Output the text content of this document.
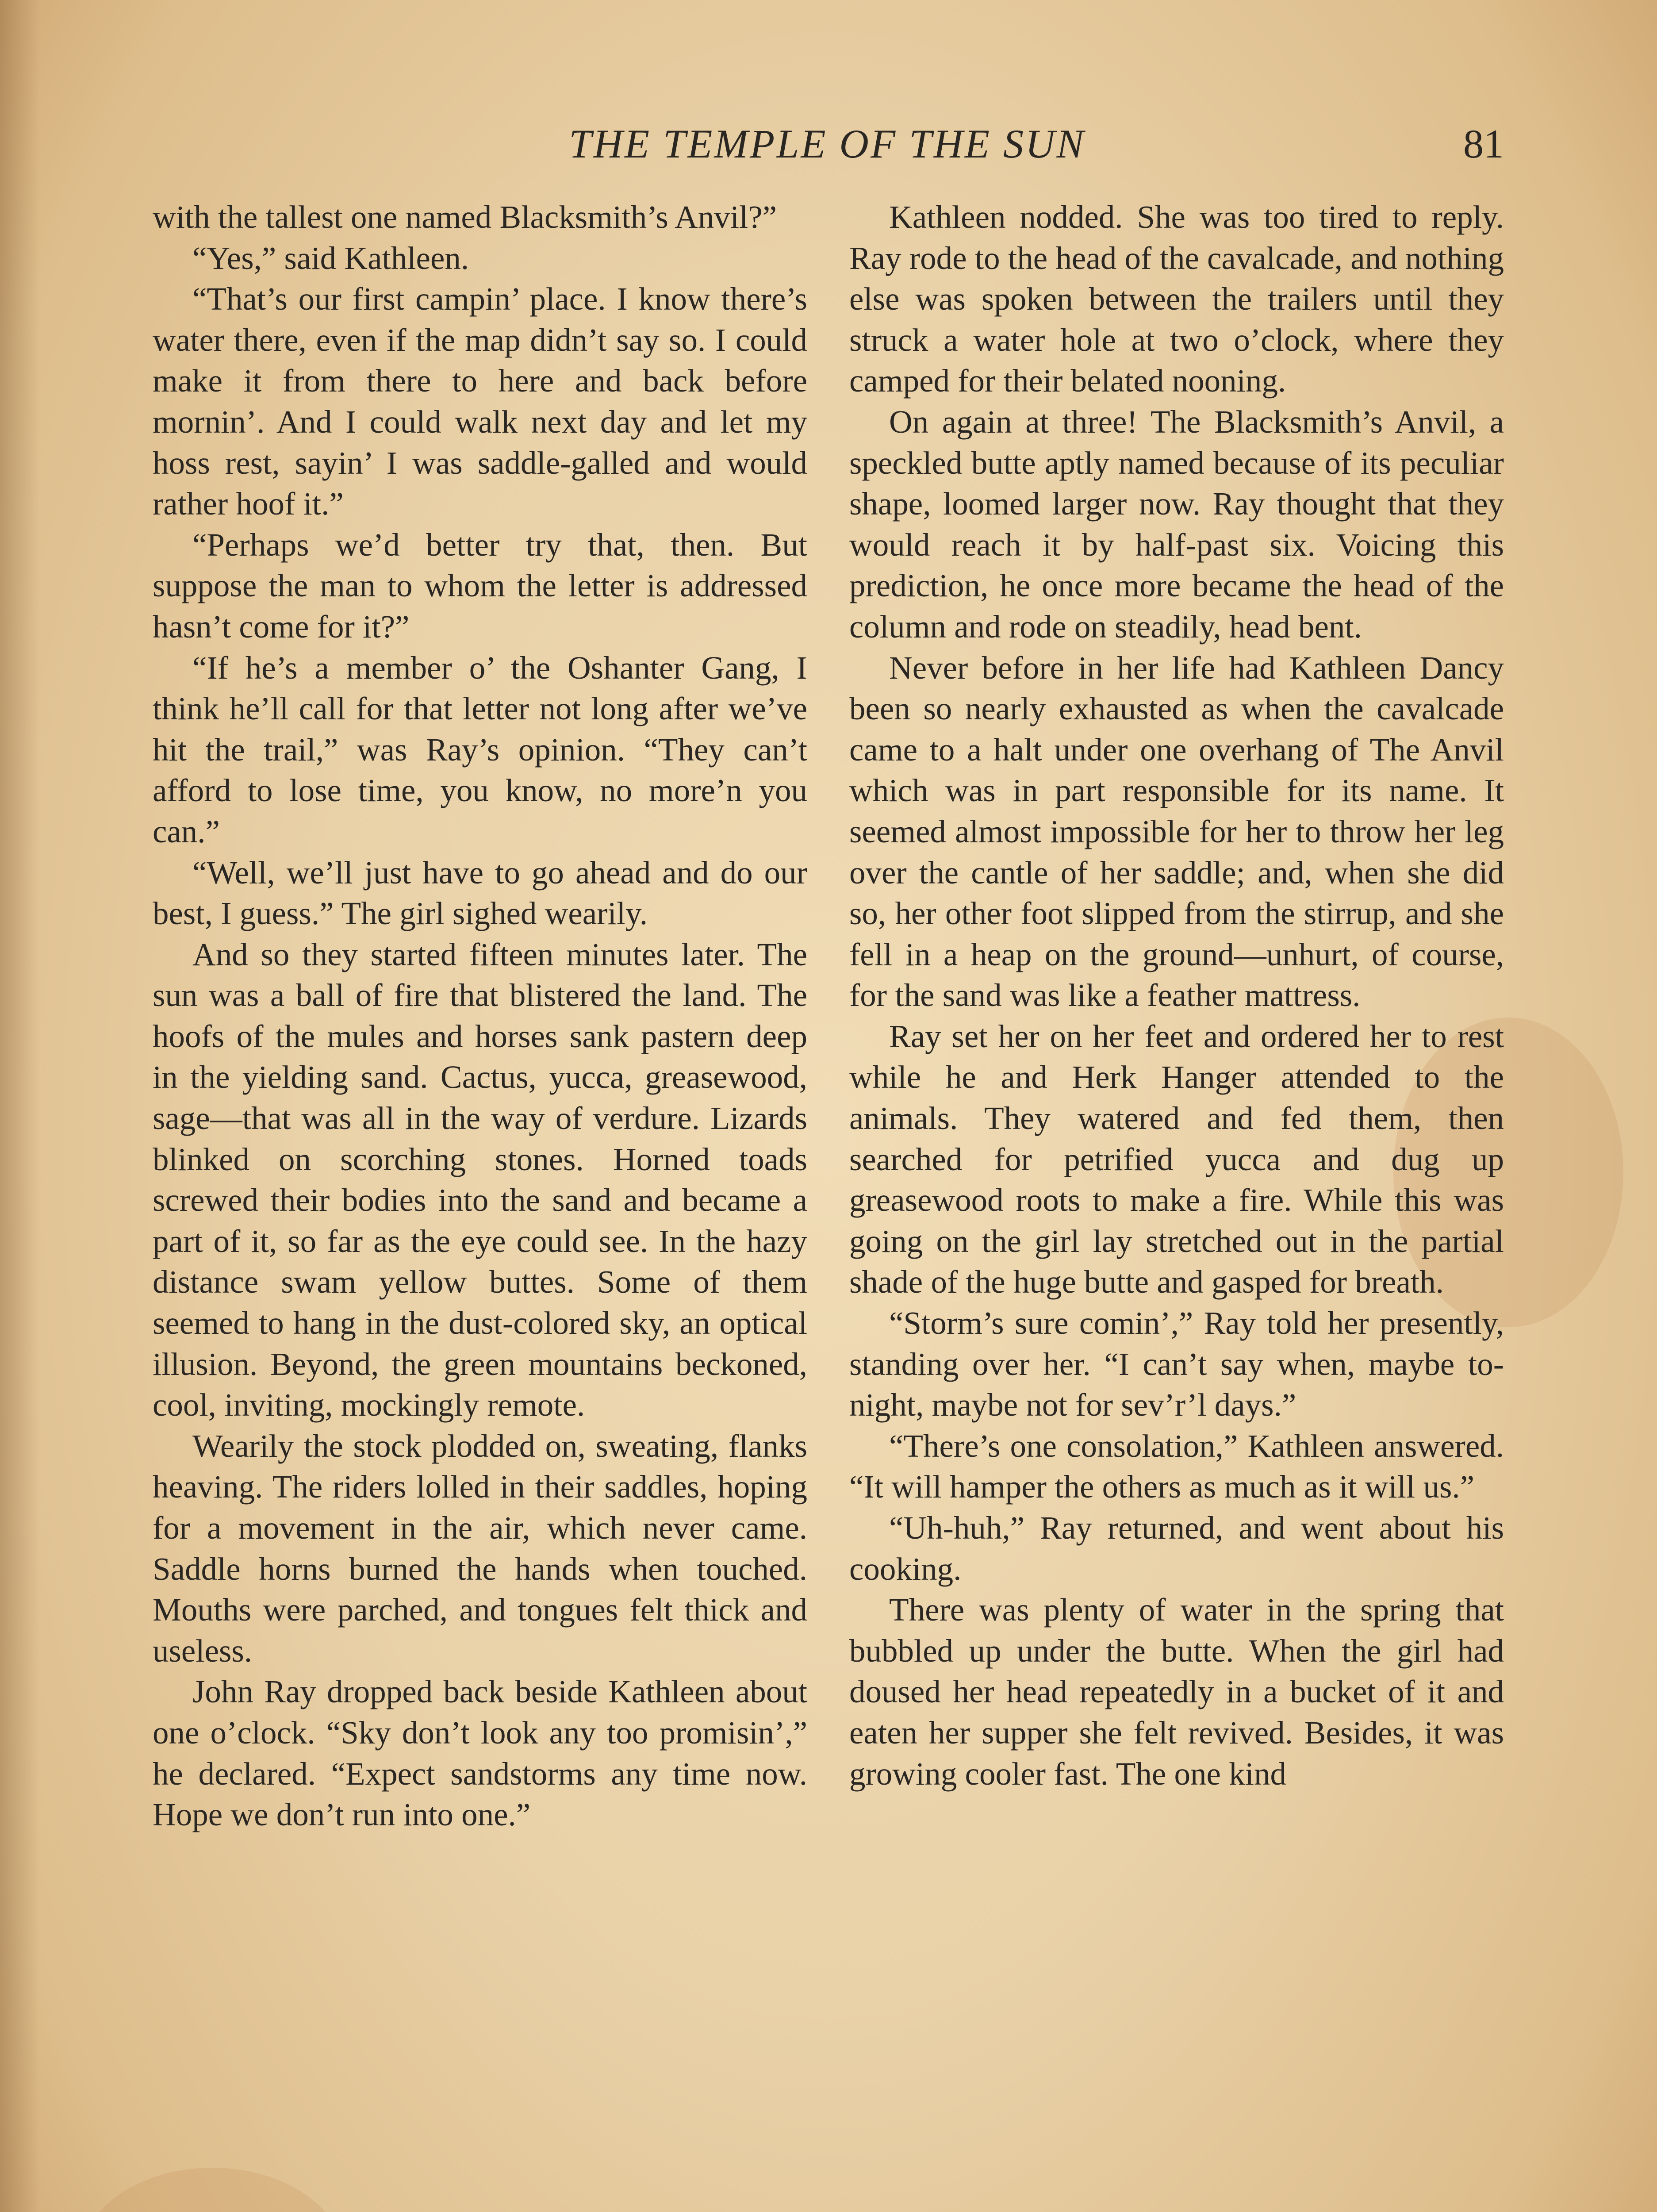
THE TEMPLE OF THE SUN	81

with the tallest one named Blacksmith’s Anvil?”

“Yes,” said Kathleen.

“That’s our first campin’ place. I know there’s water there, even if the map didn’t say so. I could make it from there to here and back before mornin’. And I could walk next day and let my hoss rest, sayin’ I was saddle-galled and would rather hoof it.”

“Perhaps we’d better try that, then. But suppose the man to whom the letter is addressed hasn’t come for it?”

“If he’s a member o’ the Oshanter Gang, I think he’ll call for that letter not long after we’ve hit the trail,” was Ray’s opinion. “They can’t afford to lose time, you know, no more’n you can.”

“Well, we’ll just have to go ahead and do our best, I guess.” The girl sighed wearily.

And so they started fifteen minutes later. The sun was a ball of fire that blistered the land. The hoofs of the mules and horses sank pastern deep in the yielding sand. Cactus, yucca, greasewood, sage—that was all in the way of verdure. Lizards blinked on scorching stones. Horned toads screwed their bodies into the sand and became a part of it, so far as the eye could see. In the hazy distance swam yellow buttes. Some of them seemed to hang in the dust-colored sky, an optical illusion. Beyond, the green mountains beckoned, cool, inviting, mockingly remote.

Wearily the stock plodded on, sweating, flanks heaving. The riders lolled in their saddles, hoping for a movement in the air, which never came. Saddle horns burned the hands when touched. Mouths were parched, and tongues felt thick and useless.

John Ray dropped back beside Kathleen about one o’clock. “Sky don’t look any too promisin’,” he declared. “Expect sandstorms any time now. Hope we don’t run into one.”

Kathleen nodded. She was too tired to reply. Ray rode to the head of the cavalcade, and nothing else was spoken between the trailers until they struck a water hole at two o’clock, where they camped for their belated nooning.

On again at three! The Blacksmith’s Anvil, a speckled butte aptly named because of its peculiar shape, loomed larger now. Ray thought that they would reach it by half-past six. Voicing this prediction, he once more became the head of the column and rode on steadily, head bent.

Never before in her life had Kathleen Dancy been so nearly exhausted as when the cavalcade came to a halt under one overhang of The Anvil which was in part responsible for its name. It seemed almost impossible for her to throw her leg over the cantle of her saddle; and, when she did so, her other foot slipped from the stirrup, and she fell in a heap on the ground—unhurt, of course, for the sand was like a feather mattress.

Ray set her on her feet and ordered her to rest while he and Herk Hanger attended to the animals. They watered and fed them, then searched for petrified yucca and dug up greasewood roots to make a fire. While this was going on the girl lay stretched out in the partial shade of the huge butte and gasped for breath.

“Storm’s sure comin’,” Ray told her presently, standing over her. “I can’t say when, maybe to-night, maybe not for sev’r’l days.”

“There’s one consolation,” Kathleen answered. “It will hamper the others as much as it will us.”

“Uh-huh,” Ray returned, and went about his cooking.

There was plenty of water in the spring that bubbled up under the butte. When the girl had doused her head repeatedly in a bucket of it and eaten her supper she felt revived. Besides, it was growing cooler fast. The one kind
